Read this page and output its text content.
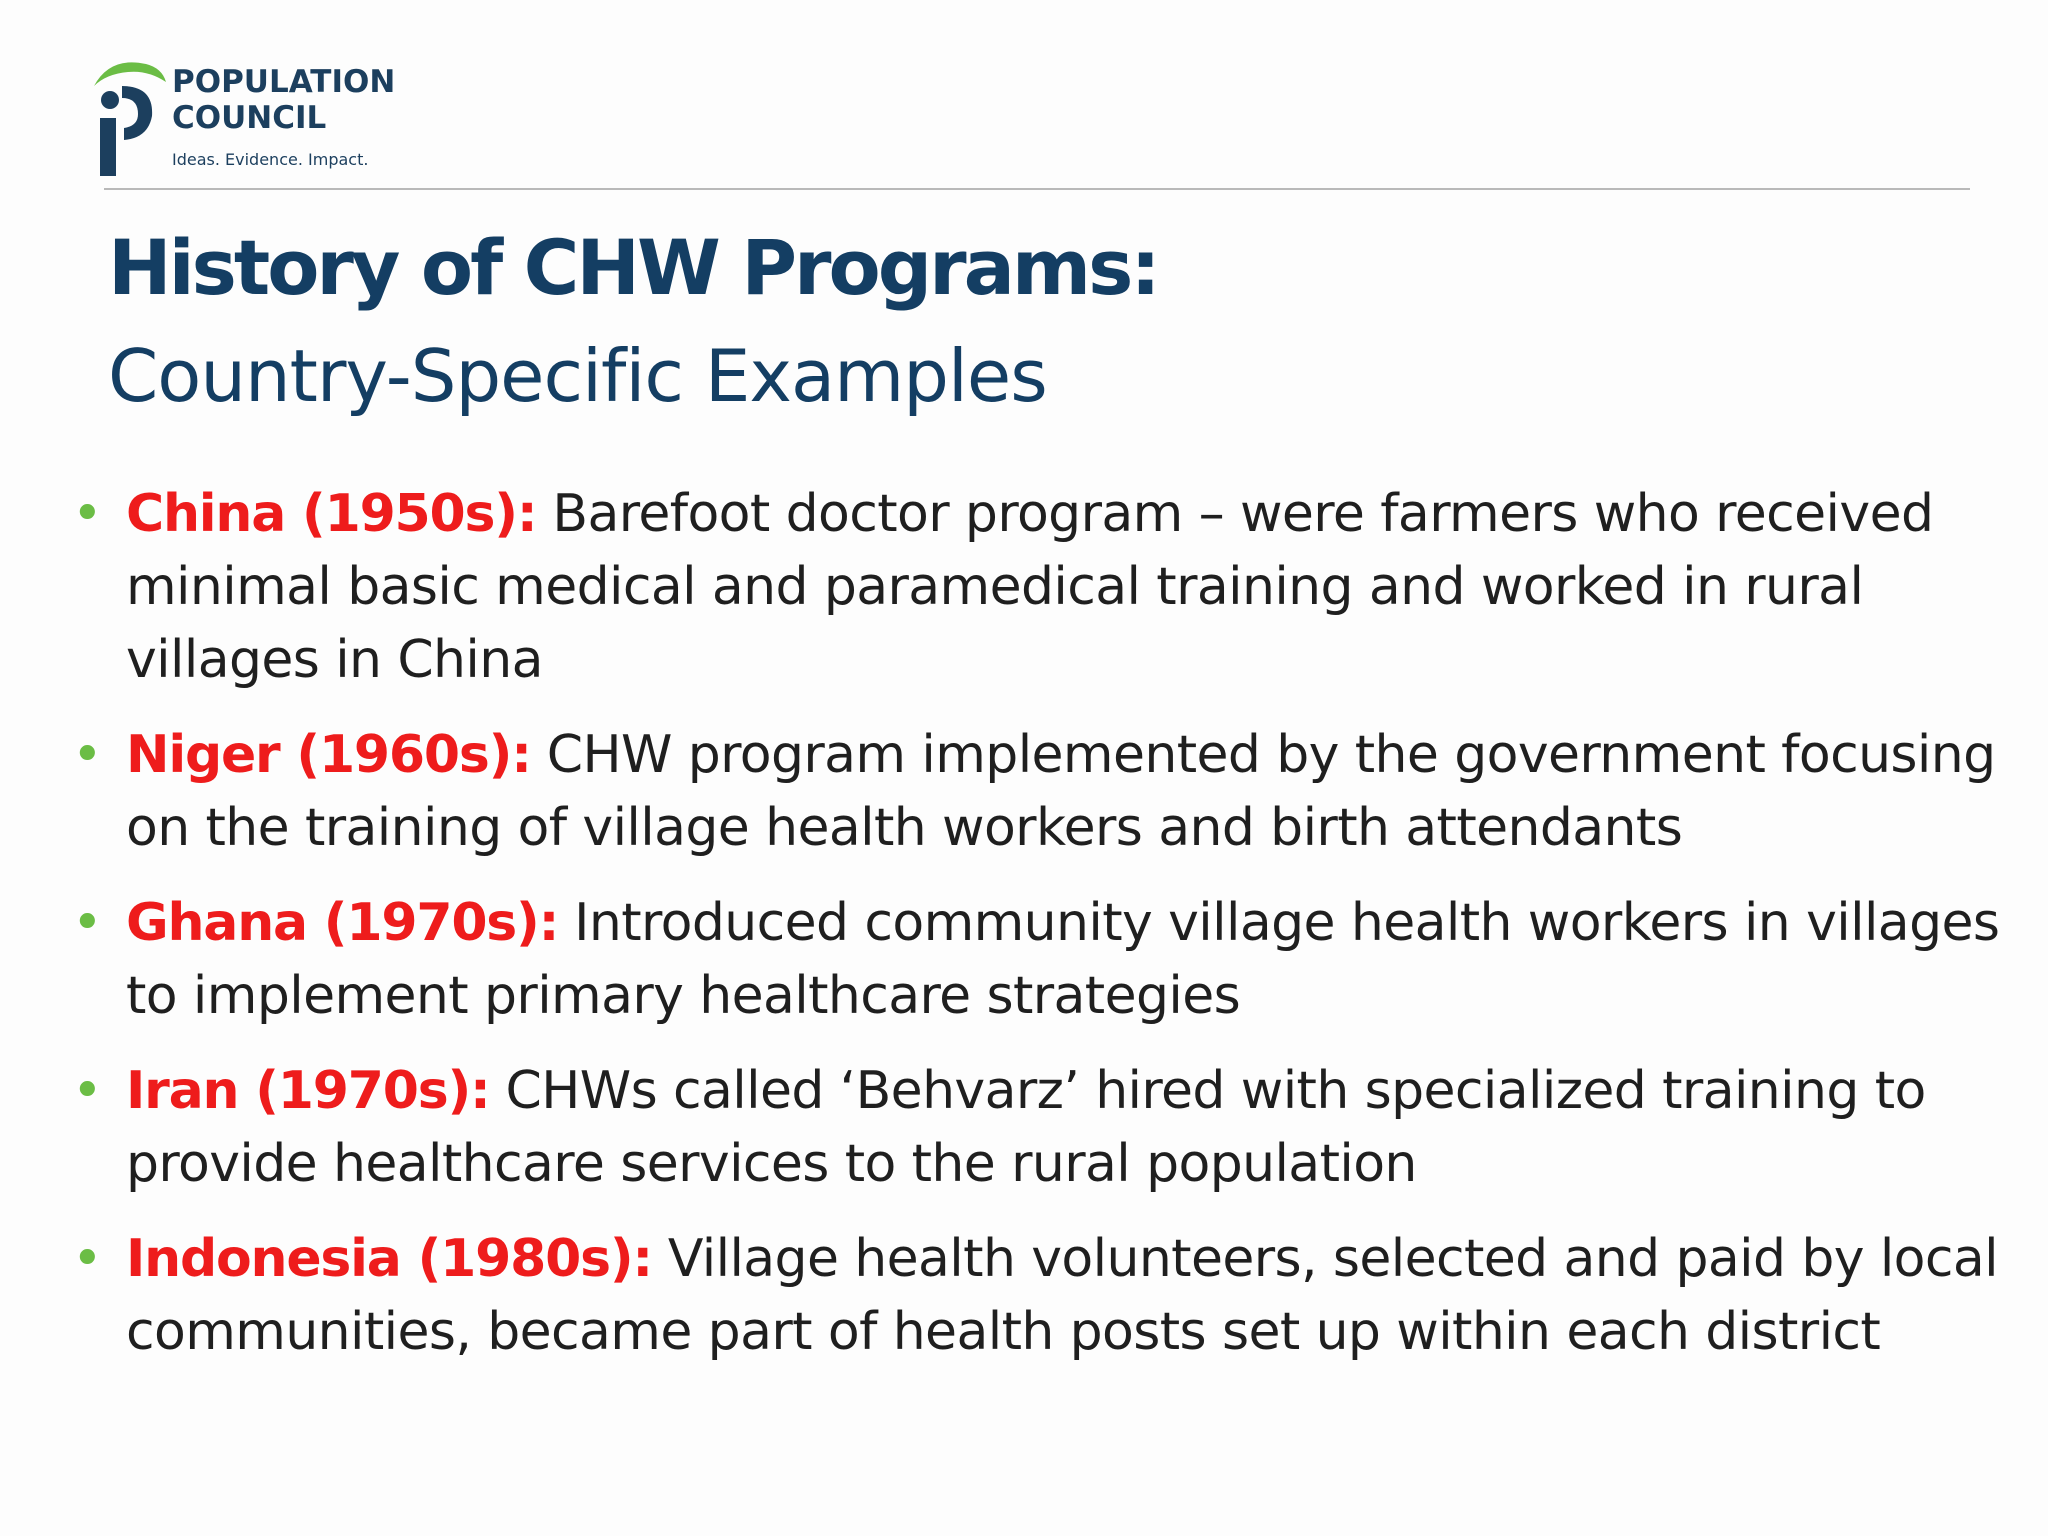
POPULATION
COUNCIL
Ideas. Evidence. Impact.
History of CHW Programs:
Country-Specific Examples
• China (1950s): Barefoot doctor program – were farmers who received minimal basic medical and paramedical training and worked in rural villages in China
• Niger (1960s): CHW program implemented by the government focusing on the training of village health workers and birth attendants
• Ghana (1970s): Introduced community village health workers in villages to implement primary healthcare strategies
• Iran (1970s): CHWs called ‘Behvarz’ hired with specialized training to provide healthcare services to the rural population
• Indonesia (1980s): Village health volunteers, selected and paid by local communities, became part of health posts set up within each district
